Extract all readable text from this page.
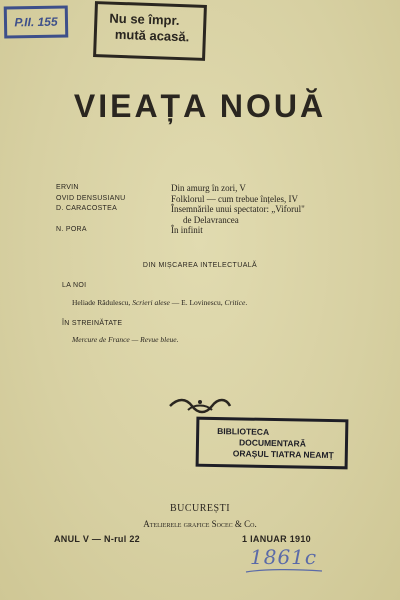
P.II. 155	Nu se împr.
mută acasă.
VIEAȚA NOUĂ
ERVIN	Din amurg în zori, V
OVID DENSUSIANU	Folklorul — cum trebue înțeles, IV
D. CARACOSTEA	Însemnările unui spectator: „Viforul"
de Delavrancea
N. PORA	În infinit
DIN MIȘCAREA INTELECTUALĂ
LA NOI
Heliade Rădulescu, Scrieri alese — E. Lovinescu, Critice.
ÎN STREINĂTATE
Mercure de France — Revue bleue.
BIBLIOTECA
DOCUMENTARĂ
ORAȘUL TIATRA NEAMȚ
BUCUREȘTI
Atelierele grafice Socec & Co.
ANUL V — N-rul 22	1 IANUAR 1910
1861c
